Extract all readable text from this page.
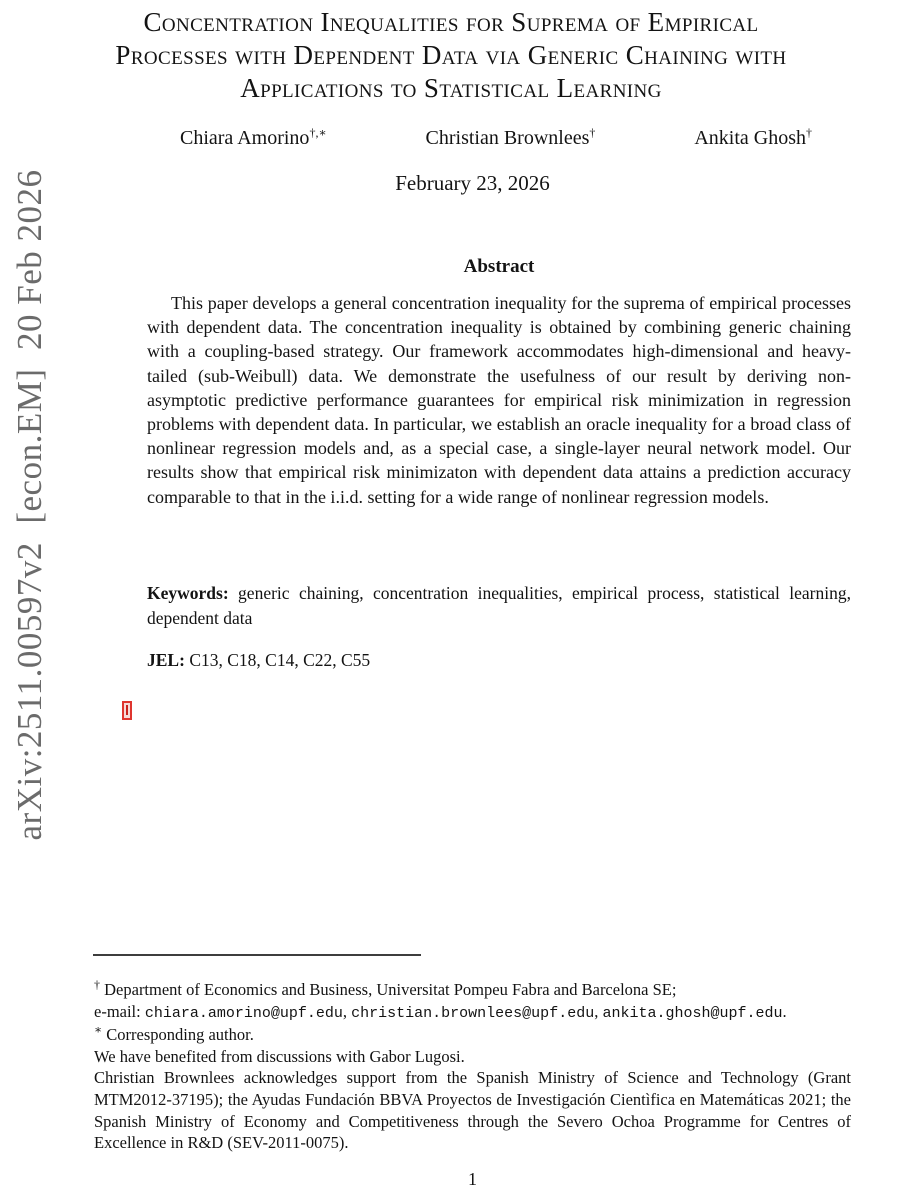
arXiv:2511.00597v2  [econ.EM]  20 Feb 2026
Concentration Inequalities for Suprema of Empirical
Processes with Dependent Data via Generic Chaining with
Applications to Statistical Learning
Chiara Amorino†,∗	Christian Brownlees†	Ankita Ghosh†
February 23, 2026
Abstract
This paper develops a general concentration inequality for the suprema of empirical processes with dependent data. The concentration inequality is obtained by combining generic chaining with a coupling-based strategy. Our framework accommodates high-dimensional and heavy-tailed (sub-Weibull) data. We demonstrate the usefulness of our result by deriving non-asymptotic predictive performance guarantees for empirical risk minimization in regression problems with dependent data. In particular, we establish an oracle inequality for a broad class of nonlinear regression models and, as a special case, a single-layer neural network model. Our results show that empirical risk minimizaton with dependent data attains a prediction accuracy comparable to that in the i.i.d. setting for a wide range of nonlinear regression models.
Keywords: generic chaining, concentration inequalities, empirical process, statistical learning, dependent data
JEL: C13, C18, C14, C22, C55

† Department of Economics and Business, Universitat Pompeu Fabra and Barcelona SE;
e-mail: chiara.amorino@upf.edu, christian.brownlees@upf.edu, ankita.ghosh@upf.edu.

∗ Corresponding author.

We have benefited from discussions with Gabor Lugosi.

Christian Brownlees acknowledges support from the Spanish Ministry of Science and Technology (Grant MTM2012-37195); the Ayudas Fundación BBVA Proyectos de Investigación Cientìfica en Matemáticas 2021; the Spanish Ministry of Economy and Competitiveness through the Severo Ochoa Programme for Centres of Excellence in R&D (SEV-2011-0075).

1
